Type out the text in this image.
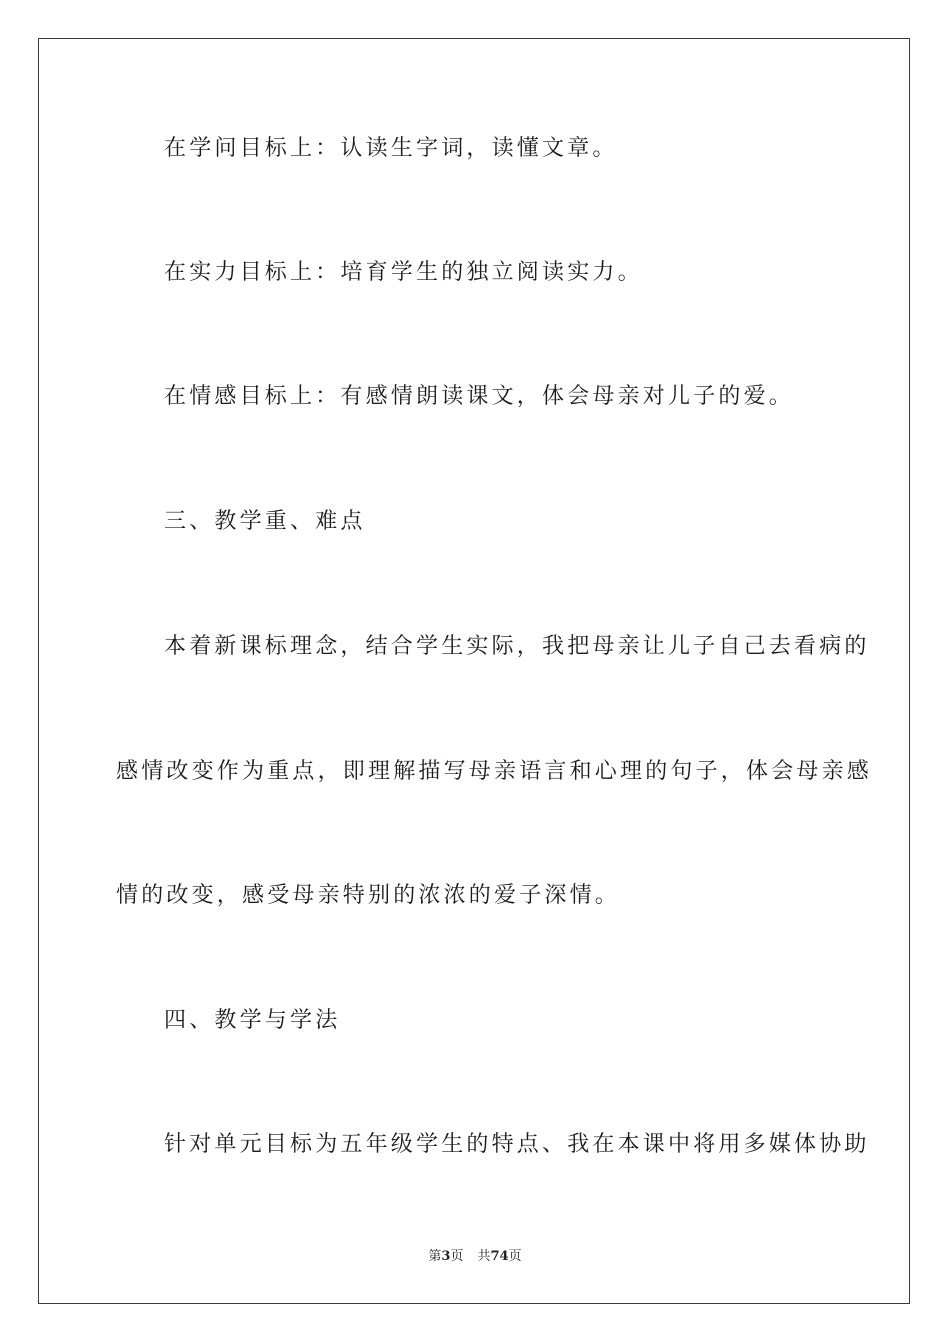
在学问目标上：认读生字词，读懂文章。
在实力目标上：培育学生的独立阅读实力。
在情感目标上：有感情朗读课文，体会母亲对儿子的爱。
三、教学重、难点
本着新课标理念，结合学生实际，我把母亲让儿子自己去看病的
感情改变作为重点，即理解描写母亲语言和心理的句子，体会母亲感
情的改变，感受母亲特别的浓浓的爱子深情。
四、教学与学法
针对单元目标为五年级学生的特点、我在本课中将用多媒体协助
第3页 共74页
